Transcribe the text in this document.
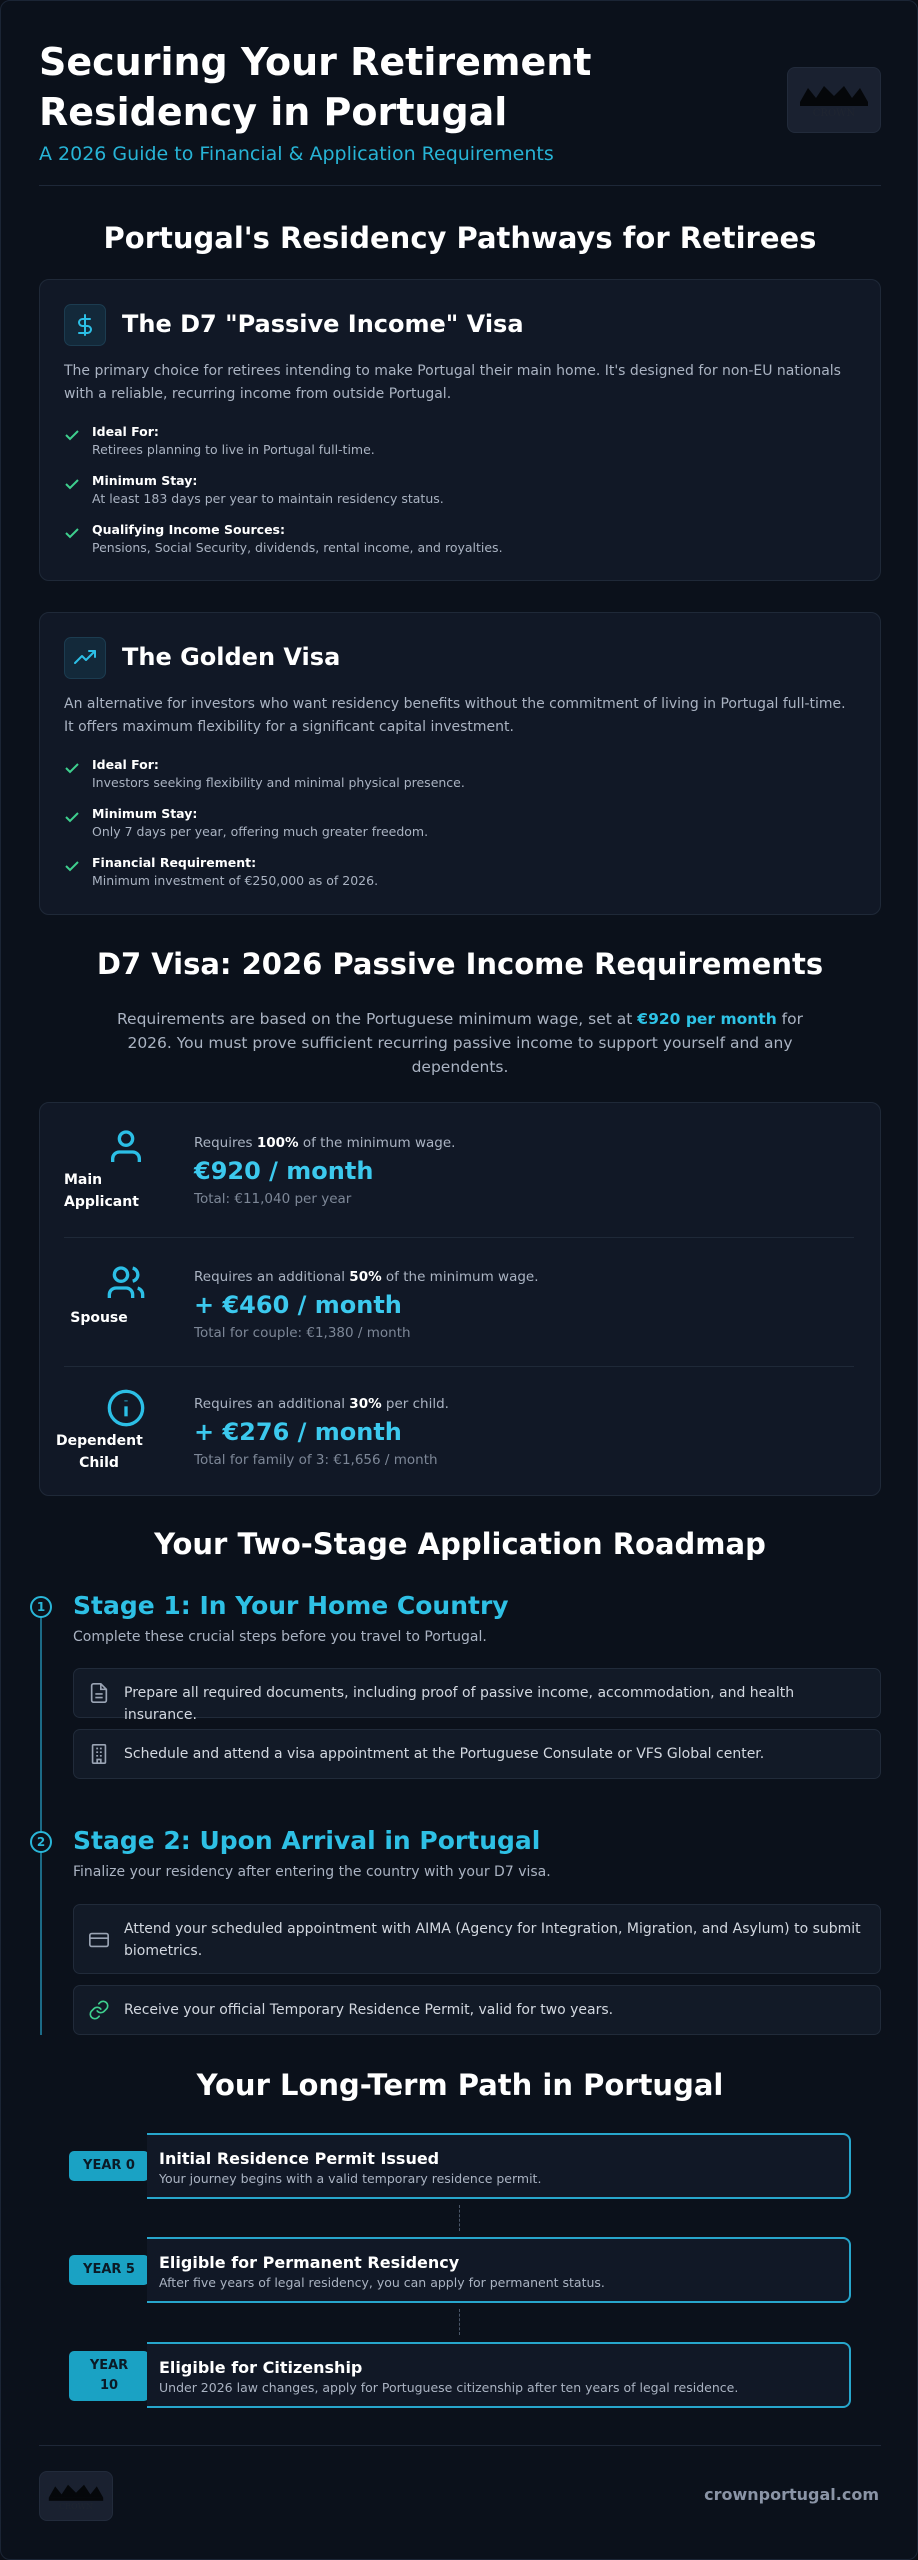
Securing Your Retirement Residency in Portugal
A 2026 Guide to Financial & Application Requirements
CROWN
Portugal's Residency Pathways for Retirees
The D7 "Passive Income" Visa
The primary choice for retirees intending to make Portugal their main home. It's designed for non-EU nationals with a reliable, recurring income from outside Portugal.
Ideal For:
Retirees planning to live in Portugal full-time.
Minimum Stay:
At least 183 days per year to maintain residency status.
Qualifying Income Sources:
Pensions, Social Security, dividends, rental income, and royalties.
The Golden Visa
An alternative for investors who want residency benefits without the commitment of living in Portugal full-time. It offers maximum flexibility for a significant capital investment.
Ideal For:
Investors seeking flexibility and minimal physical presence.
Minimum Stay:
Only 7 days per year, offering much greater freedom.
Financial Requirement:
Minimum investment of €250,000 as of 2026.
D7 Visa: 2026 Passive Income Requirements
Requirements are based on the Portuguese minimum wage, set at €920 per month for 2026. You must prove sufficient recurring passive income to support yourself and any dependents.
Main
Applicant
Requires 100% of the minimum wage.
€920 / month
Total: €11,040 per year
Spouse
Requires an additional 50% of the minimum wage.
+ €460 / month
Total for couple: €1,380 / month
Dependent
Child
Requires an additional 30% per child.
+ €276 / month
Total for family of 3: €1,656 / month
Your Two-Stage Application Roadmap
1 Stage 1: In Your Home Country
Complete these crucial steps before you travel to Portugal.
Prepare all required documents, including proof of passive income, accommodation, and health insurance.
Schedule and attend a visa appointment at the Portuguese Consulate or VFS Global center.
2 Stage 2: Upon Arrival in Portugal
Finalize your residency after entering the country with your D7 visa.
Attend your scheduled appointment with AIMA (Agency for Integration, Migration, and Asylum) to submit biometrics.
Receive your official Temporary Residence Permit, valid for two years.
Your Long-Term Path in Portugal
YEAR 0	Initial Residence Permit Issued
Your journey begins with a valid temporary residence permit.
YEAR 5	Eligible for Permanent Residency
After five years of legal residency, you can apply for permanent status.
YEAR
10
Eligible for Citizenship
Under 2026 law changes, apply for Portuguese citizenship after ten years of legal residence.
CROWN
crownportugal.com
